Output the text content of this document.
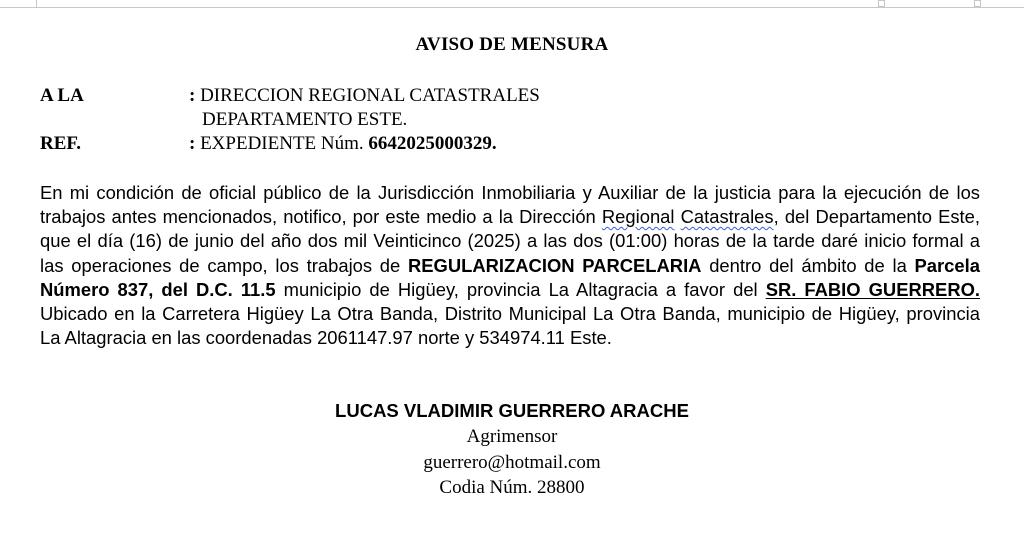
AVISO DE MENSURA
A LA	: DIRECCION REGIONAL CATASTRALES
DEPARTAMENTO ESTE.
REF.	: EXPEDIENTE Núm. 6642025000329.
En mi condición de oficial público de la Jurisdicción Inmobiliaria y Auxiliar de la justicia para la ejecución de los trabajos antes mencionados, notifico, por este medio a la Dirección Regional Catastrales, del Departamento Este, que el día (16) de junio del año dos mil Veinticinco (2025) a las dos (01:00) horas de la tarde daré inicio formal a las operaciones de campo, los trabajos de REGULARIZACION PARCELARIA dentro del ámbito de la Parcela Número 837, del D.C. 11.5 municipio de Higüey, provincia La Altagracia a favor del SR. FABIO GUERRERO. Ubicado en la Carretera Higüey La Otra Banda, Distrito Municipal La Otra Banda, municipio de Higüey, provincia La Altagracia en las coordenadas 2061147.97 norte y 534974.11 Este.
LUCAS VLADIMIR GUERRERO ARACHE
Agrimensor
guerrero@hotmail.com
Codia Núm. 28800
